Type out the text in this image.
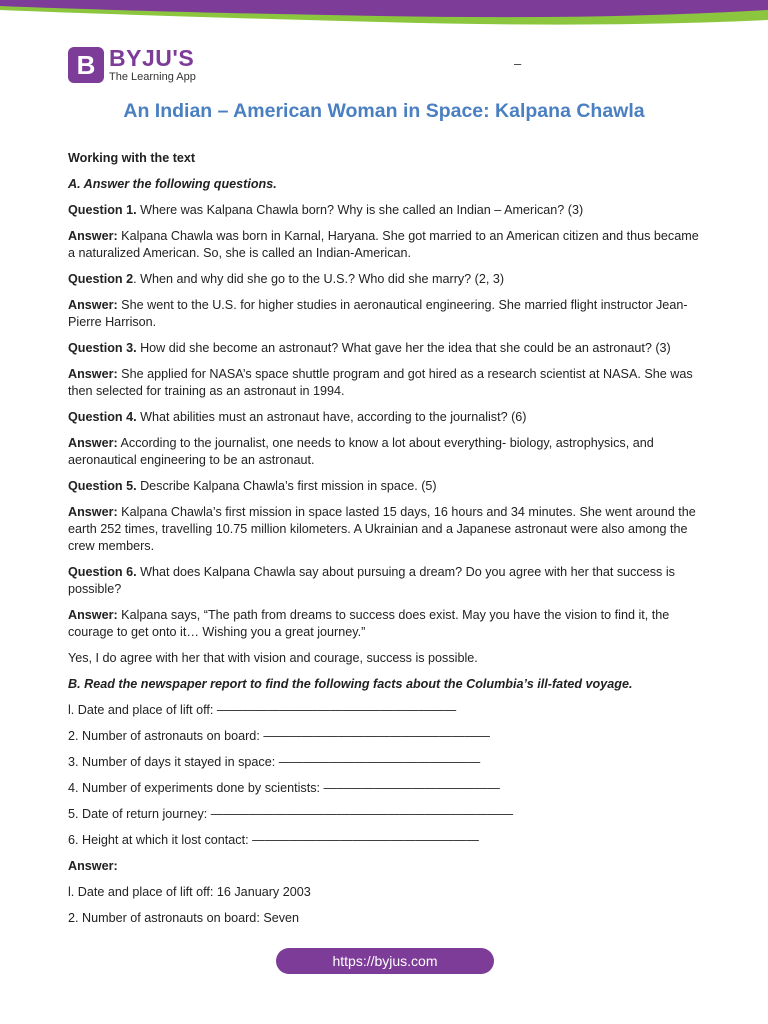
B BYJU'S
The Learning App
–
An Indian – American Woman in Space: Kalpana Chawla

Working with the text

A. Answer the following questions.

Question 1. Where was Kalpana Chawla born? Why is she called an Indian – American? (3)

Answer: Kalpana Chawla was born in Karnal, Haryana. She got married to an American citizen and thus became a naturalized American. So, she is called an Indian-American.

Question 2. When and why did she go to the U.S.? Who did she marry? (2, 3)

Answer: She went to the U.S. for higher studies in aeronautical engineering. She married flight instructor Jean-Pierre Harrison.

Question 3. How did she become an astronaut? What gave her the idea that she could be an astronaut? (3)

Answer: She applied for NASA’s space shuttle program and got hired as a research scientist at NASA. She was then selected for training as an astronaut in 1994.

Question 4. What abilities must an astronaut have, according to the journalist? (6)

Answer: According to the journalist, one needs to know a lot about everything- biology, astrophysics, and aeronautical engineering to be an astronaut.

Question 5. Describe Kalpana Chawla’s first mission in space. (5)

Answer: Kalpana Chawla’s first mission in space lasted 15 days, 16 hours and 34 minutes. She went around the earth 252 times, travelling 10.75 million kilometers. A Ukrainian and a Japanese astronaut were also among the crew members.

Question 6. What does Kalpana Chawla say about pursuing a dream? Do you agree with her that success is possible?

Answer: Kalpana says, “The path from dreams to success does exist. May you have the vision to find it, the courage to get onto it… Wishing you a great journey.”

Yes, I do agree with her that with vision and courage, success is possible.

B. Read the newspaper report to find the following facts about the Columbia’s ill-fated voyage.

l. Date and place of lift off: ———————————————————

2. Number of astronauts on board: ——————————————————

3. Number of days it stayed in space: ————————————————

4. Number of experiments done by scientists: ——————————————

5. Date of return journey: ————————————————————————

6. Height at which it lost contact: ——————————————————

Answer:

l. Date and place of lift off: 16 January 2003

2. Number of astronauts on board: Seven

https://byjus.com
